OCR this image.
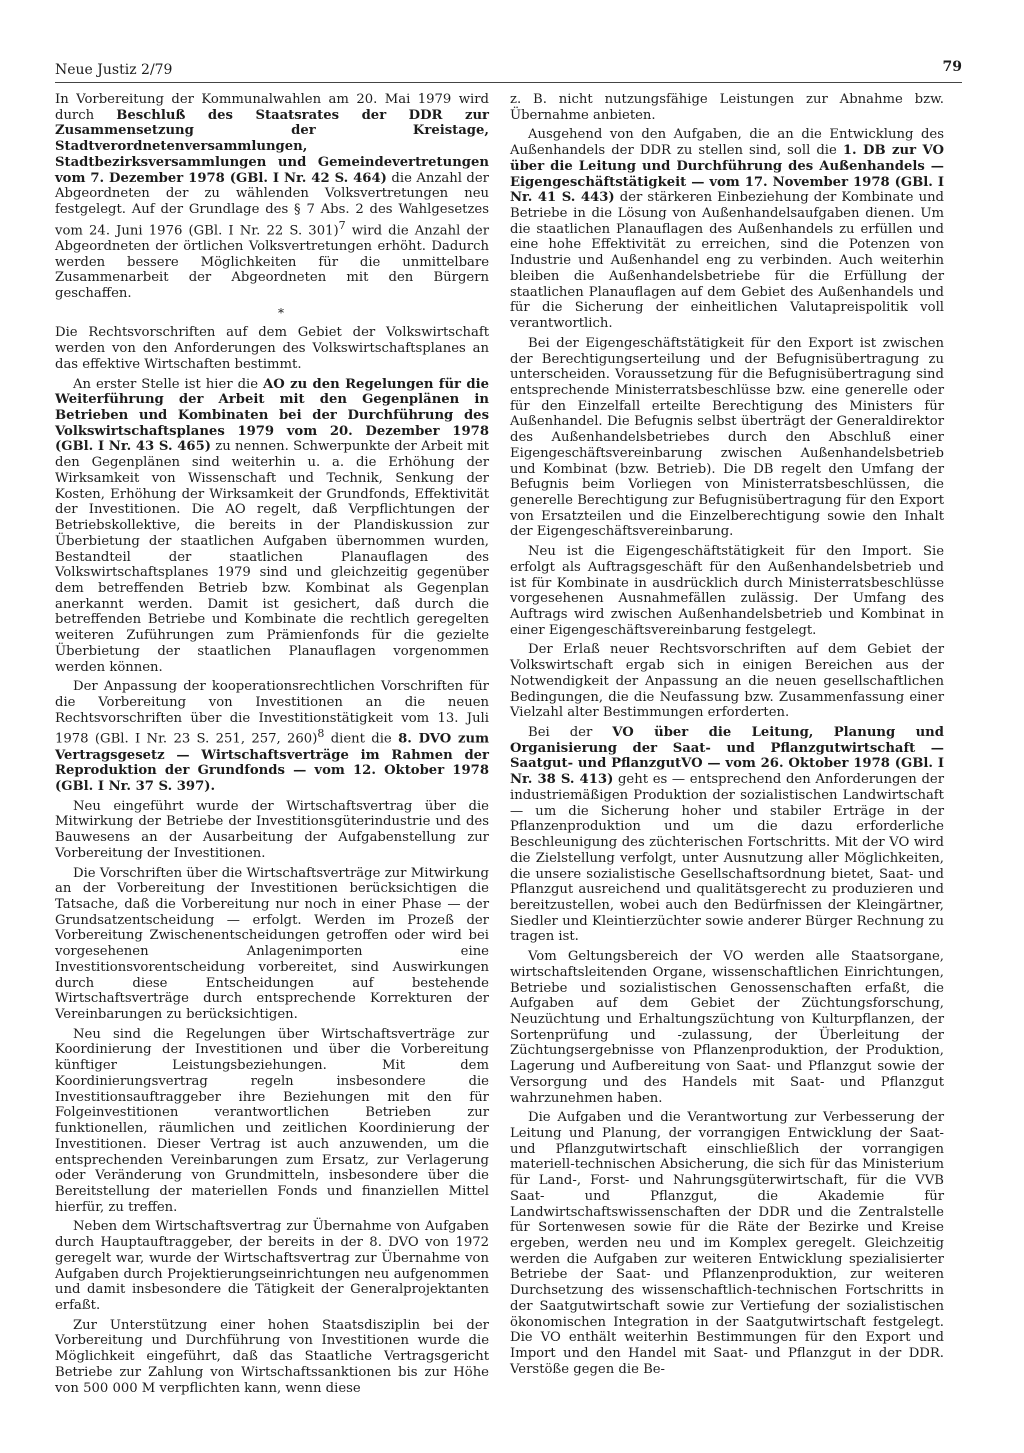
Neue Justiz 2/79	79

In Vorbereitung der Kommunalwahlen am 20. Mai 1979 wird durch Beschluß des Staatsrates der DDR zur Zusammensetzung der Kreistage, Stadtverordnetenversammlungen, Stadtbezirksversammlungen und Gemeindevertretungen vom 7. Dezember 1978 (GBl. I Nr. 42 S. 464) die Anzahl der Abgeordneten der zu wählenden Volksvertretungen neu festgelegt. Auf der Grundlage des § 7 Abs. 2 des Wahlgesetzes vom 24. Juni 1976 (GBl. I Nr. 22 S. 301)$^7$ wird die Anzahl der Abgeordneten der örtlichen Volksvertretungen erhöht. Dadurch werden bessere Möglichkeiten für die unmittelbare Zusammenarbeit der Abgeordneten mit den Bürgern geschaffen.

*

Die Rechtsvorschriften auf dem Gebiet der Volkswirtschaft werden von den Anforderungen des Volkswirtschaftsplanes an das effektive Wirtschaften bestimmt.

An erster Stelle ist hier die AO zu den Regelungen für die Weiterführung der Arbeit mit den Gegenplänen in Betrieben und Kombinaten bei der Durchführung des Volkswirtschaftsplanes 1979 vom 20. Dezember 1978 (GBl. I Nr. 43 S. 465) zu nennen. Schwerpunkte der Arbeit mit den Gegenplänen sind weiterhin u. a. die Erhöhung der Wirksamkeit von Wissenschaft und Technik, Senkung der Kosten, Erhöhung der Wirksamkeit der Grundfonds, Effektivität der Investitionen. Die AO regelt, daß Verpflichtungen der Betriebskollektive, die bereits in der Plandiskussion zur Überbietung der staatlichen Aufgaben übernommen wurden, Bestandteil der staatlichen Planauflagen des Volkswirtschaftsplanes 1979 sind und gleichzeitig gegenüber dem betreffenden Betrieb bzw. Kombinat als Gegenplan anerkannt werden. Damit ist gesichert, daß durch die betreffenden Betriebe und Kombinate die rechtlich geregelten weiteren Zuführungen zum Prämienfonds für die gezielte Überbietung der staatlichen Planauflagen vorgenommen werden können.

Der Anpassung der kooperationsrechtlichen Vorschriften für die Vorbereitung von Investitionen an die neuen Rechtsvorschriften über die Investitionstätigkeit vom 13. Juli 1978 (GBl. I Nr. 23 S. 251, 257, 260)$^8$ dient die 8. DVO zum Vertragsgesetz — Wirtschaftsverträge im Rahmen der Reproduktion der Grundfonds — vom 12. Oktober 1978 (GBl. I Nr. 37 S. 397).

Neu eingeführt wurde der Wirtschaftsvertrag über die Mitwirkung der Betriebe der Investitionsgüterindustrie und des Bauwesens an der Ausarbeitung der Aufgabenstellung zur Vorbereitung der Investitionen.

Die Vorschriften über die Wirtschaftsverträge zur Mitwirkung an der Vorbereitung der Investitionen berücksichtigen die Tatsache, daß die Vorbereitung nur noch in einer Phase — der Grundsatzentscheidung — erfolgt. Werden im Prozeß der Vorbereitung Zwischenentscheidungen getroffen oder wird bei vorgesehenen Anlagenimporten eine Investitionsvorentscheidung vorbereitet, sind Auswirkungen durch diese Entscheidungen auf bestehende Wirtschaftsverträge durch entsprechende Korrekturen der Vereinbarungen zu berücksichtigen.

Neu sind die Regelungen über Wirtschaftsverträge zur Koordinierung der Investitionen und über die Vorbereitung künftiger Leistungsbeziehungen. Mit dem Koordinierungsvertrag regeln insbesondere die Investitionsauftraggeber ihre Beziehungen mit den für Folgeinvestitionen verantwortlichen Betrieben zur funktionellen, räumlichen und zeitlichen Koordinierung der Investitionen. Dieser Vertrag ist auch anzuwenden, um die entsprechenden Vereinbarungen zum Ersatz, zur Verlagerung oder Veränderung von Grundmitteln, insbesondere über die Bereitstellung der materiellen Fonds und finanziellen Mittel hierfür, zu treffen.

Neben dem Wirtschaftsvertrag zur Übernahme von Aufgaben durch Hauptauftraggeber, der bereits in der 8. DVO von 1972 geregelt war, wurde der Wirtschaftsvertrag zur Übernahme von Aufgaben durch Projektierungseinrichtungen neu aufgenommen und damit insbesondere die Tätigkeit der Generalprojektanten erfaßt.

Zur Unterstützung einer hohen Staatsdisziplin bei der Vorbereitung und Durchführung von Investitionen wurde die Möglichkeit eingeführt, daß das Staatliche Vertragsgericht Betriebe zur Zahlung von Wirtschaftssanktionen bis zur Höhe von 500 000 M verpflichten kann, wenn diese

z. B. nicht nutzungsfähige Leistungen zur Abnahme bzw. Übernahme anbieten.

Ausgehend von den Aufgaben, die an die Entwicklung des Außenhandels der DDR zu stellen sind, soll die 1. DB zur VO über die Leitung und Durchführung des Außenhandels — Eigengeschäftstätigkeit — vom 17. November 1978 (GBl. I Nr. 41 S. 443) der stärkeren Einbeziehung der Kombinate und Betriebe in die Lösung von Außenhandelsaufgaben dienen. Um die staatlichen Planauflagen des Außenhandels zu erfüllen und eine hohe Effektivität zu erreichen, sind die Potenzen von Industrie und Außenhandel eng zu verbinden. Auch weiterhin bleiben die Außenhandelsbetriebe für die Erfüllung der staatlichen Planauflagen auf dem Gebiet des Außenhandels und für die Sicherung der einheitlichen Valutapreispolitik voll verantwortlich.

Bei der Eigengeschäftstätigkeit für den Export ist zwischen der Berechtigungserteilung und der Befugnisübertragung zu unterscheiden. Voraussetzung für die Befugnisübertragung sind entsprechende Ministerratsbeschlüsse bzw. eine generelle oder für den Einzelfall erteilte Berechtigung des Ministers für Außenhandel. Die Befugnis selbst überträgt der Generaldirektor des Außenhandelsbetriebes durch den Abschluß einer Eigengeschäftsvereinbarung zwischen Außenhandelsbetrieb und Kombinat (bzw. Betrieb). Die DB regelt den Umfang der Befugnis beim Vorliegen von Ministerratsbeschlüssen, die generelle Berechtigung zur Befugnisübertragung für den Export von Ersatzteilen und die Einzelberechtigung sowie den Inhalt der Eigengeschäftsvereinbarung.

Neu ist die Eigengeschäftstätigkeit für den Import. Sie erfolgt als Auftragsgeschäft für den Außenhandelsbetrieb und ist für Kombinate in ausdrücklich durch Ministerratsbeschlüsse vorgesehenen Ausnahmefällen zulässig. Der Umfang des Auftrags wird zwischen Außenhandelsbetrieb und Kombinat in einer Eigengeschäftsvereinbarung festgelegt.

Der Erlaß neuer Rechtsvorschriften auf dem Gebiet der Volkswirtschaft ergab sich in einigen Bereichen aus der Notwendigkeit der Anpassung an die neuen gesellschaftlichen Bedingungen, die die Neufassung bzw. Zusammenfassung einer Vielzahl alter Bestimmungen erforderten.

Bei der VO über die Leitung, Planung und Organisierung der Saat- und Pflanzgutwirtschaft — Saatgut- und PflanzgutVO — vom 26. Oktober 1978 (GBl. I Nr. 38 S. 413) geht es — entsprechend den Anforderungen der industriemäßigen Produktion der sozialistischen Landwirtschaft — um die Sicherung hoher und stabiler Erträge in der Pflanzenproduktion und um die dazu erforderliche Beschleunigung des züchterischen Fortschritts. Mit der VO wird die Zielstellung verfolgt, unter Ausnutzung aller Möglichkeiten, die unsere sozialistische Gesellschaftsordnung bietet, Saat- und Pflanzgut ausreichend und qualitätsgerecht zu produzieren und bereitzustellen, wobei auch den Bedürfnissen der Kleingärtner, Siedler und Kleintierzüchter sowie anderer Bürger Rechnung zu tragen ist.

Vom Geltungsbereich der VO werden alle Staatsorgane, wirtschaftsleitenden Organe, wissenschaftlichen Einrichtungen, Betriebe und sozialistischen Genossenschaften erfaßt, die Aufgaben auf dem Gebiet der Züchtungsforschung, Neuzüchtung und Erhaltungszüchtung von Kulturpflanzen, der Sortenprüfung und -zulassung, der Überleitung der Züchtungsergebnisse von Pflanzenproduktion, der Produktion, Lagerung und Aufbereitung von Saat- und Pflanzgut sowie der Versorgung und des Handels mit Saat- und Pflanzgut wahrzunehmen haben.

Die Aufgaben und die Verantwortung zur Verbesserung der Leitung und Planung, der vorrangigen Entwicklung der Saat- und Pflanzgutwirtschaft einschließlich der vorrangigen materiell-technischen Absicherung, die sich für das Ministerium für Land-, Forst- und Nahrungsgüterwirtschaft, für die VVB Saat- und Pflanzgut, die Akademie für Landwirtschaftswissenschaften der DDR und die Zentralstelle für Sortenwesen sowie für die Räte der Bezirke und Kreise ergeben, werden neu und im Komplex geregelt. Gleichzeitig werden die Aufgaben zur weiteren Entwicklung spezialisierter Betriebe der Saat- und Pflanzenproduktion, zur weiteren Durchsetzung des wissenschaftlich-technischen Fortschritts in der Saatgutwirtschaft sowie zur Vertiefung der sozialistischen ökonomischen Integration in der Saatgutwirtschaft festgelegt. Die VO enthält weiterhin Bestimmungen für den Export und Import und den Handel mit Saat- und Pflanzgut in der DDR. Verstöße gegen die Be-
